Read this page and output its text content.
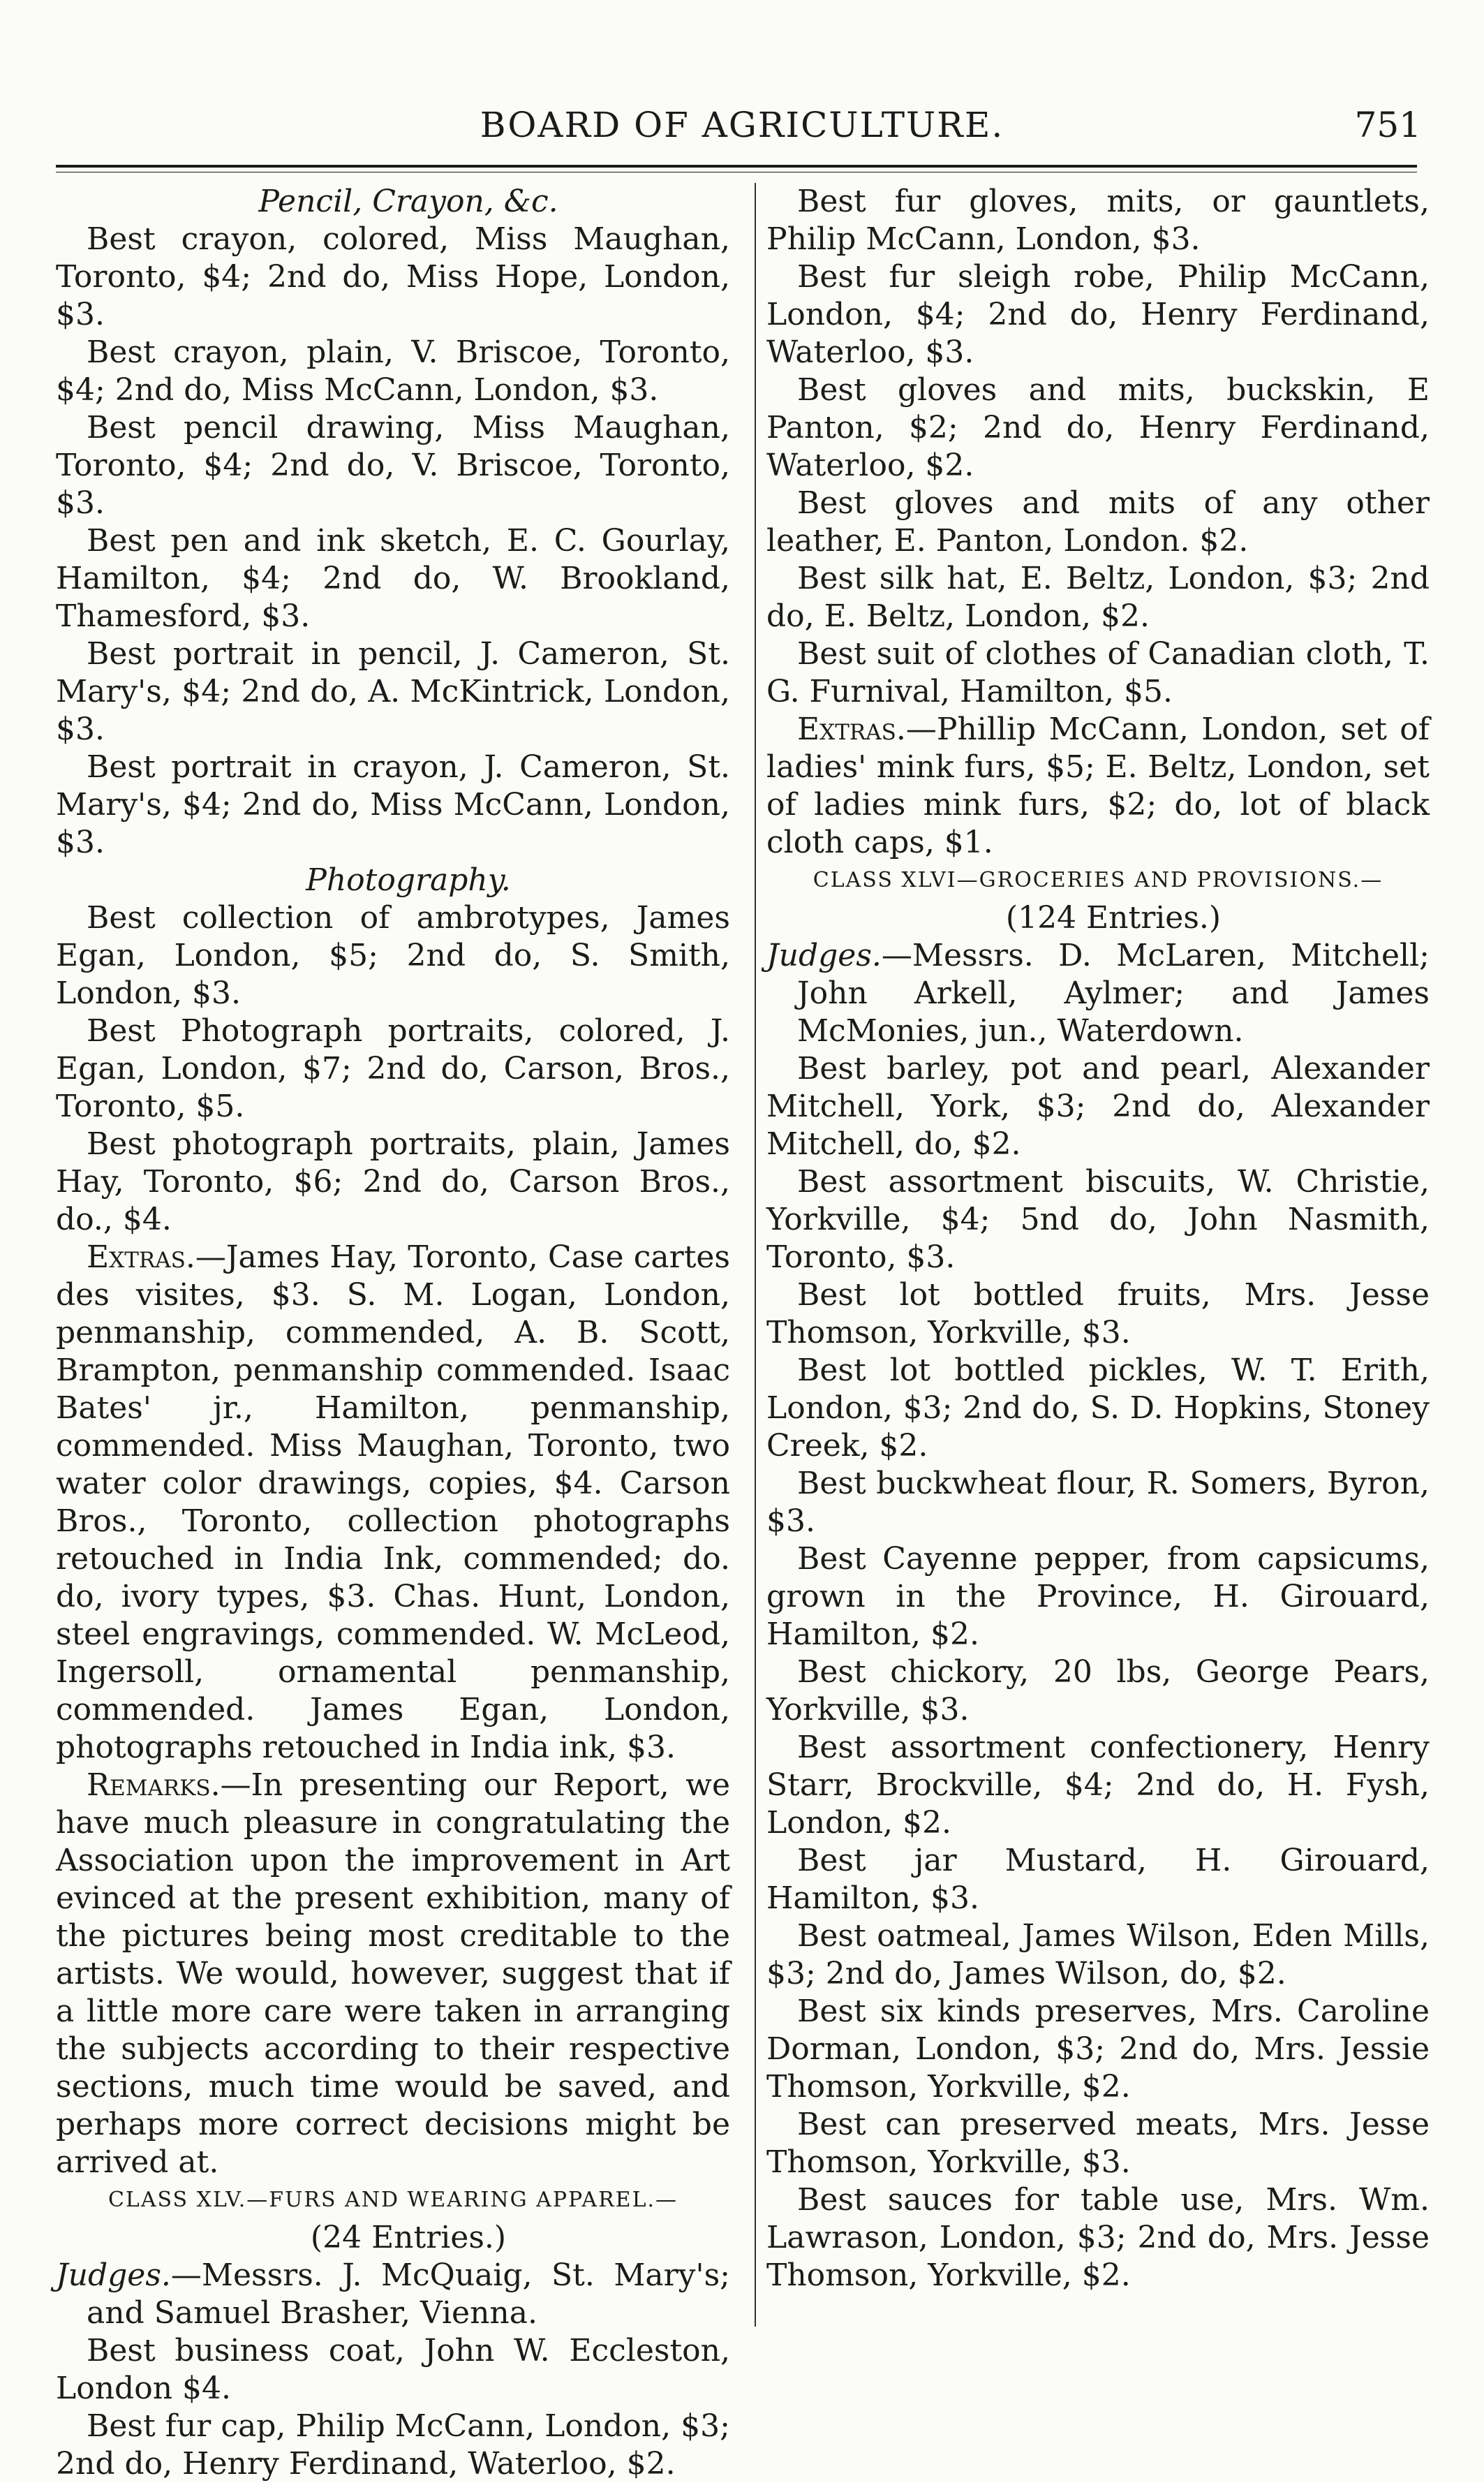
BOARD OF AGRICULTURE.	751

Pencil, Crayon, &c.

Best crayon, colored, Miss Maughan, Toronto, $4; 2nd do, Miss Hope, London, $3.

Best crayon, plain, V. Briscoe, Toronto, $4; 2nd do, Miss McCann, London, $3.

Best pencil drawing, Miss Maughan, Toronto, $4; 2nd do, V. Briscoe, Toronto, $3.

Best pen and ink sketch, E. C. Gourlay, Hamilton, $4; 2nd do, W. Brookland, Thamesford, $3.

Best portrait in pencil, J. Cameron, St. Mary's, $4; 2nd do, A. McKintrick, London, $3.

Best portrait in crayon, J. Cameron, St. Mary's, $4; 2nd do, Miss McCann, London, $3.

Photography.

Best collection of ambrotypes, James Egan, London, $5; 2nd do, S. Smith, London, $3.

Best Photograph portraits, colored, J. Egan, London, $7; 2nd do, Carson, Bros., Toronto, $5.

Best photograph portraits, plain, James Hay, Toronto, $6; 2nd do, Carson Bros., do., $4.

Extras.—James Hay, Toronto, Case cartes des visites, $3. S. M. Logan, London, penmanship, commended, A. B. Scott, Brampton, penmanship commended. Isaac Bates' jr., Hamilton, penmanship, commended. Miss Maughan, Toronto, two water color drawings, copies, $4. Carson Bros., Toronto, collection photographs retouched in India Ink, commended; do. do, ivory types, $3. Chas. Hunt, London, steel engravings, commended. W. McLeod, Ingersoll, ornamental penmanship, commended. James Egan, London, photographs retouched in India ink, $3.

Remarks.—In presenting our Report, we have much pleasure in congratulating the Association upon the improvement in Art evinced at the present exhibition, many of the pictures being most creditable to the artists. We would, however, suggest that if a little more care were taken in arranging the subjects according to their respective sections, much time would be saved, and perhaps more correct decisions might be arrived at.

CLASS XLV.—FURS AND WEARING APPAREL.—

(24 Entries.)

Judges.—Messrs. J. McQuaig, St. Mary's; and Samuel Brasher, Vienna.

Best business coat, John W. Eccleston, London $4.

Best fur cap, Philip McCann, London, $3; 2nd do, Henry Ferdinand, Waterloo, $2.

Best fur gloves, mits, or gauntlets, Philip McCann, London, $3.

Best fur sleigh robe, Philip McCann, London, $4; 2nd do, Henry Ferdinand, Waterloo, $3.

Best gloves and mits, buckskin, E Panton, $2; 2nd do, Henry Ferdinand, Waterloo, $2.

Best gloves and mits of any other leather, E. Panton, London. $2.

Best silk hat, E. Beltz, London, $3; 2nd do, E. Beltz, London, $2.

Best suit of clothes of Canadian cloth, T. G. Furnival, Hamilton, $5.

Extras.—Phillip McCann, London, set of ladies' mink furs, $5; E. Beltz, London, set of ladies mink furs, $2; do, lot of black cloth caps, $1.

CLASS XLVI—GROCERIES AND PROVISIONS.—

(124 Entries.)

Judges.—Messrs. D. McLaren, Mitchell; John Arkell, Aylmer; and James McMonies, jun., Waterdown.

Best barley, pot and pearl, Alexander Mitchell, York, $3; 2nd do, Alexander Mitchell, do, $2.

Best assortment biscuits, W. Christie, Yorkville, $4; 5nd do, John Nasmith, Toronto, $3.

Best lot bottled fruits, Mrs. Jesse Thomson, Yorkville, $3.

Best lot bottled pickles, W. T. Erith, London, $3; 2nd do, S. D. Hopkins, Stoney Creek, $2.

Best buckwheat flour, R. Somers, Byron, $3.

Best Cayenne pepper, from capsicums, grown in the Province, H. Girouard, Hamilton, $2.

Best chickory, 20 lbs, George Pears, Yorkville, $3.

Best assortment confectionery, Henry Starr, Brockville, $4; 2nd do, H. Fysh, London, $2.

Best jar Mustard, H. Girouard, Hamilton, $3.

Best oatmeal, James Wilson, Eden Mills, $3; 2nd do, James Wilson, do, $2.

Best six kinds preserves, Mrs. Caroline Dorman, London, $3; 2nd do, Mrs. Jessie Thomson, Yorkville, $2.

Best can preserved meats, Mrs. Jesse Thomson, Yorkville, $3.

Best sauces for table use, Mrs. Wm. Lawrason, London, $3; 2nd do, Mrs. Jesse Thomson, Yorkville, $2.
